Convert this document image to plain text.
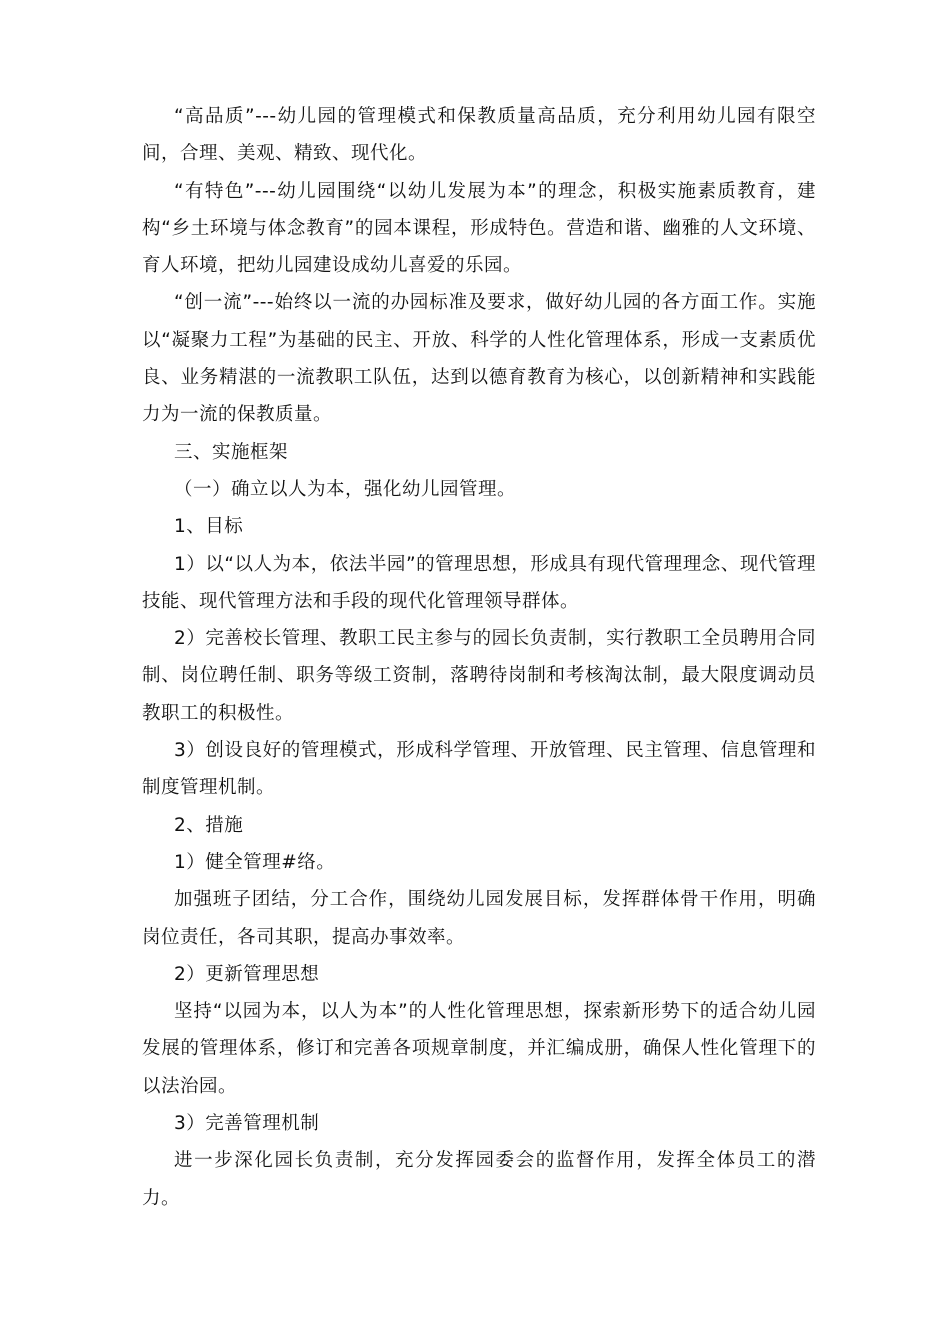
“高品质”---幼儿园的管理模式和保教质量高品质，充分利用幼儿园有限空间，合理、美观、精致、现代化。

“有特色”---幼儿园围绕“以幼儿发展为本”的理念，积极实施素质教育，建构“乡土环境与体念教育”的园本课程，形成特色。营造和谐、幽雅的人文环境、育人环境，把幼儿园建设成幼儿喜爱的乐园。

“创一流”---始终以一流的办园标准及要求，做好幼儿园的各方面工作。实施以“凝聚力工程”为基础的民主、开放、科学的人性化管理体系，形成一支素质优良、业务精湛的一流教职工队伍，达到以德育教育为核心，以创新精神和实践能力为一流的保教质量。

三、实施框架

（一）确立以人为本，强化幼儿园管理。

1、目标

1）以“以人为本，依法半园”的管理思想，形成具有现代管理理念、现代管理技能、现代管理方法和手段的现代化管理领导群体。

2）完善校长管理、教职工民主参与的园长负责制，实行教职工全员聘用合同制、岗位聘任制、职务等级工资制，落聘待岗制和考核淘汰制，最大限度调动员教职工的积极性。

3）创设良好的管理模式，形成科学管理、开放管理、民主管理、信息管理和制度管理机制。

2、措施

1）健全管理#络。

加强班子团结，分工合作，围绕幼儿园发展目标，发挥群体骨干作用，明确岗位责任，各司其职，提高办事效率。

2）更新管理思想

坚持“以园为本，以人为本”的人性化管理思想，探索新形势下的适合幼儿园发展的管理体系，修订和完善各项规章制度，并汇编成册，确保人性化管理下的以法治园。

3）完善管理机制

进一步深化园长负责制，充分发挥园委会的监督作用，发挥全体员工的潜力。
